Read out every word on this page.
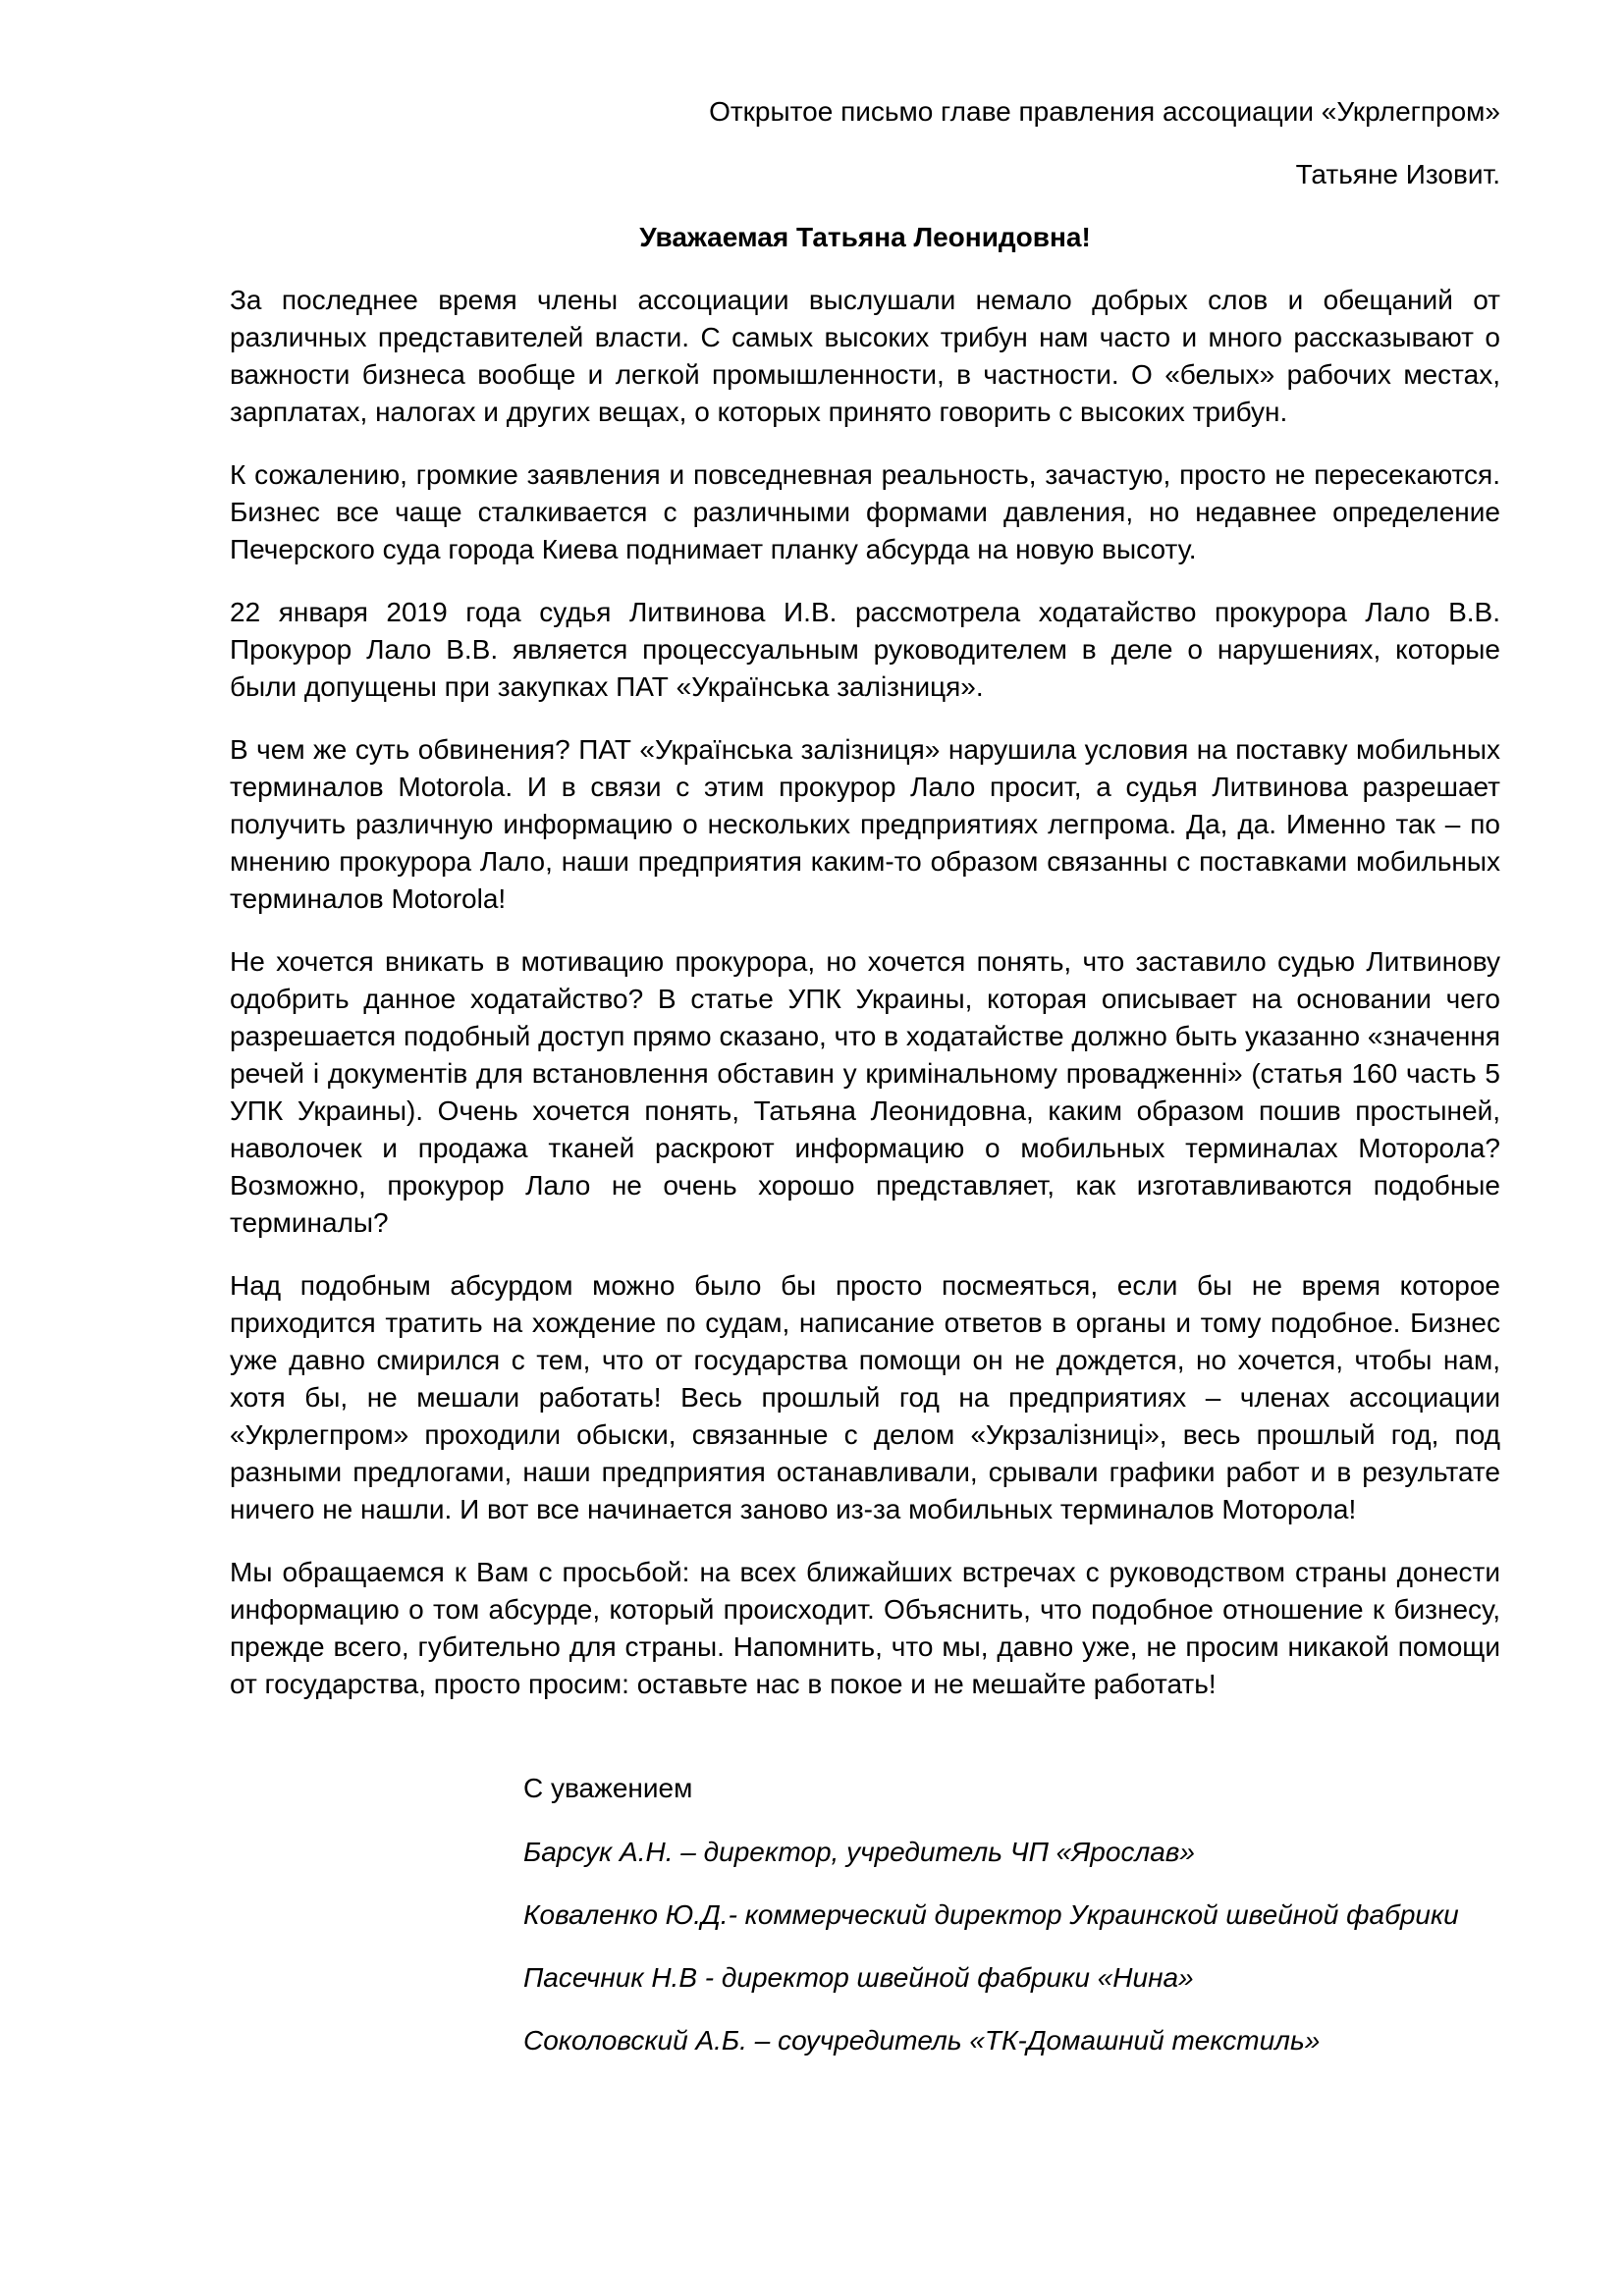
Открытое письмо главе правления ассоциации «Укрлегпром»
Татьяне Изовит.
Уважаемая Татьяна Леонидовна!

За последнее время члены ассоциации выслушали немало добрых слов и обещаний от различных представителей власти. С самых высоких трибун нам часто и много рассказывают о важности бизнеса вообще и легкой промышленности, в частности. О «белых» рабочих местах, зарплатах, налогах и других вещах, о которых принято говорить с высоких трибун.

К сожалению, громкие заявления и повседневная реальность, зачастую, просто не пересекаются. Бизнес все чаще сталкивается с различными формами давления, но недавнее определение Печерского суда города Киева поднимает планку абсурда на новую высоту.

22 января 2019 года судья Литвинова И.В. рассмотрела ходатайство прокурора Лало В.В. Прокурор Лало В.В. является процессуальным руководителем в деле о нарушениях, которые были допущены при закупках ПАТ «Українська залізниця».

В чем же суть обвинения? ПАТ «Українська залізниця» нарушила условия на поставку мобильных терминалов Motorola. И в связи с этим прокурор Лало просит, а судья Литвинова разрешает получить различную информацию о нескольких предприятиях легпрома. Да, да. Именно так – по мнению прокурора Лало, наши предприятия каким-то образом связанны с поставками мобильных терминалов Motorola!

Не хочется вникать в мотивацию прокурора, но хочется понять, что заставило судью Литвинову одобрить данное ходатайство? В статье УПК Украины, которая описывает на основании чего разрешается подобный доступ прямо сказано, что в ходатайстве должно быть указанно «значення речей і документів для встановлення обставин у кримінальному провадженні» (статья 160 часть 5 УПК Украины). Очень хочется понять, Татьяна Леонидовна, каким образом пошив простыней, наволочек и продажа тканей раскроют информацию о мобильных терминалах Моторола? Возможно, прокурор Лало не очень хорошо представляет, как изготавливаются подобные терминалы?

Над подобным абсурдом можно было бы просто посмеяться, если бы не время которое приходится тратить на хождение по судам, написание ответов в органы и тому подобное. Бизнес уже давно смирился с тем, что от государства помощи он не дождется, но хочется, чтобы нам, хотя бы, не мешали работать! Весь прошлый год на предприятиях – членах ассоциации «Укрлегпром» проходили обыски, связанные с делом «Укрзалізниці», весь прошлый год, под разными предлогами, наши предприятия останавливали, срывали графики работ и в результате ничего не нашли. И вот все начинается заново из-за мобильных терминалов Моторола!

Мы обращаемся к Вам с просьбой: на всех ближайших встречах с руководством страны донести информацию о том абсурде, который происходит. Объяснить, что подобное отношение к бизнесу, прежде всего, губительно для страны. Напомнить, что мы, давно уже, не просим никакой помощи от государства, просто просим: оставьте нас в покое и не мешайте работать!

С уважением
Барсук А.Н. – директор, учредитель ЧП «Ярослав»
Коваленко Ю.Д.- коммерческий директор Украинской швейной фабрики
Пасечник Н.В - директор швейной фабрики «Нина»
Соколовский А.Б. – соучредитель «ТК-Домашний текстиль»
